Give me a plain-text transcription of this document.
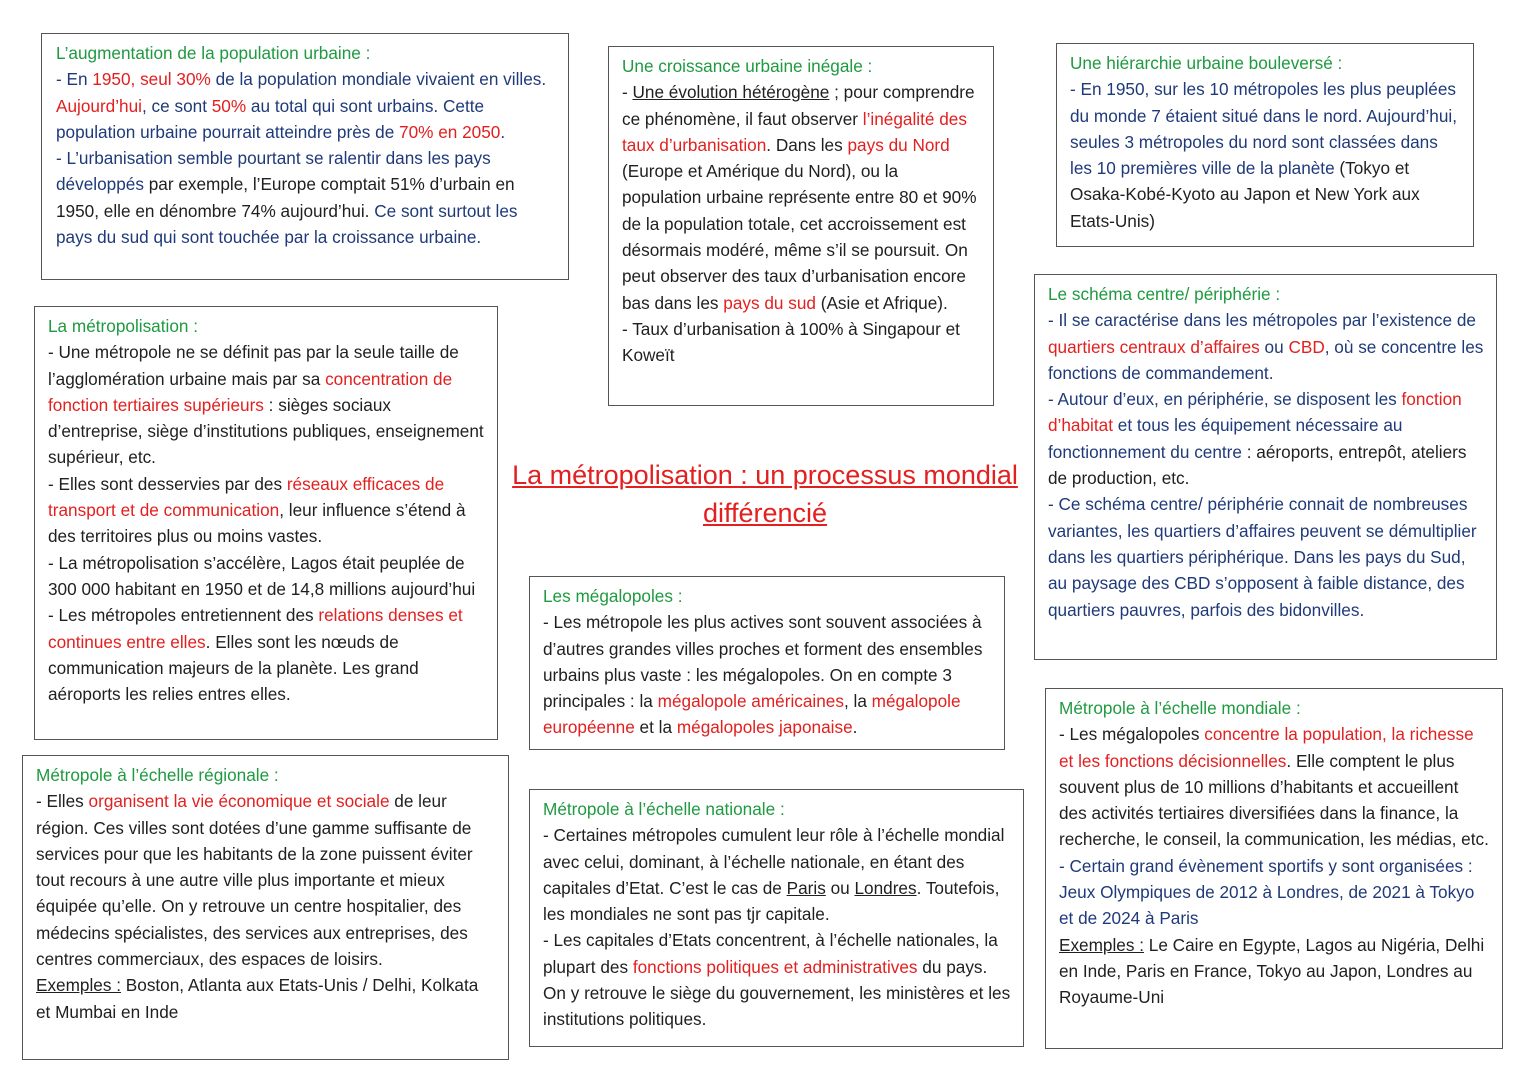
La métropolisation : un processus mondial
différencié

L’augmentation de la population urbaine :

- En 1950, seul 30% de la population mondiale vivaient en villes. Aujourd’hui, ce sont 50% au total qui sont urbains. Cette population urbaine pourrait atteindre près de 70% en 2050.

- L’urbanisation semble pourtant se ralentir dans les pays développés par exemple, l’Europe comptait 51% d’urbain en 1950, elle en dénombre 74% aujourd’hui. Ce sont surtout les pays du sud qui sont touchée par la croissance urbaine.

Une croissance urbaine inégale :

- Une évolution hétérogène ; pour comprendre ce phénomène, il faut observer l’inégalité des taux d’urbanisation. Dans les pays du Nord (Europe et Amérique du Nord), ou la population urbaine représente entre 80 et 90% de la population totale, cet accroissement est désormais modéré, même s’il se poursuit. On peut observer des taux d’urbanisation encore bas dans les pays du sud (Asie et Afrique).

- Taux d’urbanisation à 100% à Singapour et Koweït

Une hiérarchie urbaine bouleversé :

- En 1950, sur les 10 métropoles les plus peuplées du monde 7 étaient situé dans le nord. Aujourd’hui, seules 3 métropoles du nord sont classées dans les 10 premières ville de la planète (Tokyo et Osaka-Kobé-Kyoto au Japon et New York aux Etats-Unis)

La métropolisation :

- Une métropole ne se définit pas par la seule taille de l’agglomération urbaine mais par sa concentration de fonction tertiaires supérieurs : sièges sociaux d’entreprise, siège d’institutions publiques, enseignement supérieur, etc.

- Elles sont desservies par des réseaux efficaces de transport et de communication, leur influence s’étend à des territoires plus ou moins vastes.

- La métropolisation s’accélère, Lagos était peuplée de 300 000 habitant en 1950 et de 14,8 millions aujourd’hui

- Les métropoles entretiennent des relations denses et continues entre elles. Elles sont les nœuds de communication majeurs de la planète. Les grand aéroports les relies entres elles.

Le schéma centre/ périphérie :

- Il se caractérise dans les métropoles par l’existence de quartiers centraux d’affaires ou CBD, où se concentre les fonctions de commandement.

- Autour d’eux, en périphérie, se disposent les fonction d’habitat et tous les équipement nécessaire au fonctionnement du centre : aéroports, entrepôt, ateliers de production, etc.

- Ce schéma centre/ périphérie connait de nombreuses variantes, les quartiers d’affaires peuvent se démultiplier dans les quartiers périphérique. Dans les pays du Sud, au paysage des CBD s’opposent à faible distance, des quartiers pauvres, parfois des bidonvilles.

Les mégalopoles :

- Les métropole les plus actives sont souvent associées à d’autres grandes villes proches et forment des ensembles urbains plus vaste : les mégalopoles. On en compte 3 principales : la mégalopole américaines, la mégalopole européenne et la mégalopoles japonaise.

Métropole à l’échelle régionale :

- Elles organisent la vie économique et sociale de leur région. Ces villes sont dotées d’une gamme suffisante de services pour que les habitants de la zone puissent éviter tout recours à une autre ville plus importante et mieux équipée qu’elle. On y retrouve un centre hospitalier, des médecins spécialistes, des services aux entreprises, des centres commerciaux, des espaces de loisirs.

Exemples : Boston, Atlanta aux Etats-Unis / Delhi, Kolkata et Mumbai en Inde

Métropole à l’échelle nationale :

- Certaines métropoles cumulent leur rôle à l’échelle mondial avec celui, dominant, à l’échelle nationale, en étant des capitales d’Etat. C’est le cas de Paris ou Londres. Toutefois, les mondiales ne sont pas tjr capitale.

- Les capitales d’Etats concentrent, à l’échelle nationales, la plupart des fonctions politiques et administratives du pays. On y retrouve le siège du gouvernement, les ministères et les institutions politiques.

Métropole à l’échelle mondiale :

- Les mégalopoles concentre la population, la richesse et les fonctions décisionnelles. Elle comptent le plus souvent plus de 10 millions d’habitants et accueillent des activités tertiaires diversifiées dans la finance, la recherche, le conseil, la communication, les médias, etc.

- Certain grand évènement sportifs y sont organisées : Jeux Olympiques de 2012 à Londres, de 2021 à Tokyo et de 2024 à Paris

Exemples : Le Caire en Egypte, Lagos au Nigéria, Delhi en Inde, Paris en France, Tokyo au Japon, Londres au Royaume-Uni
